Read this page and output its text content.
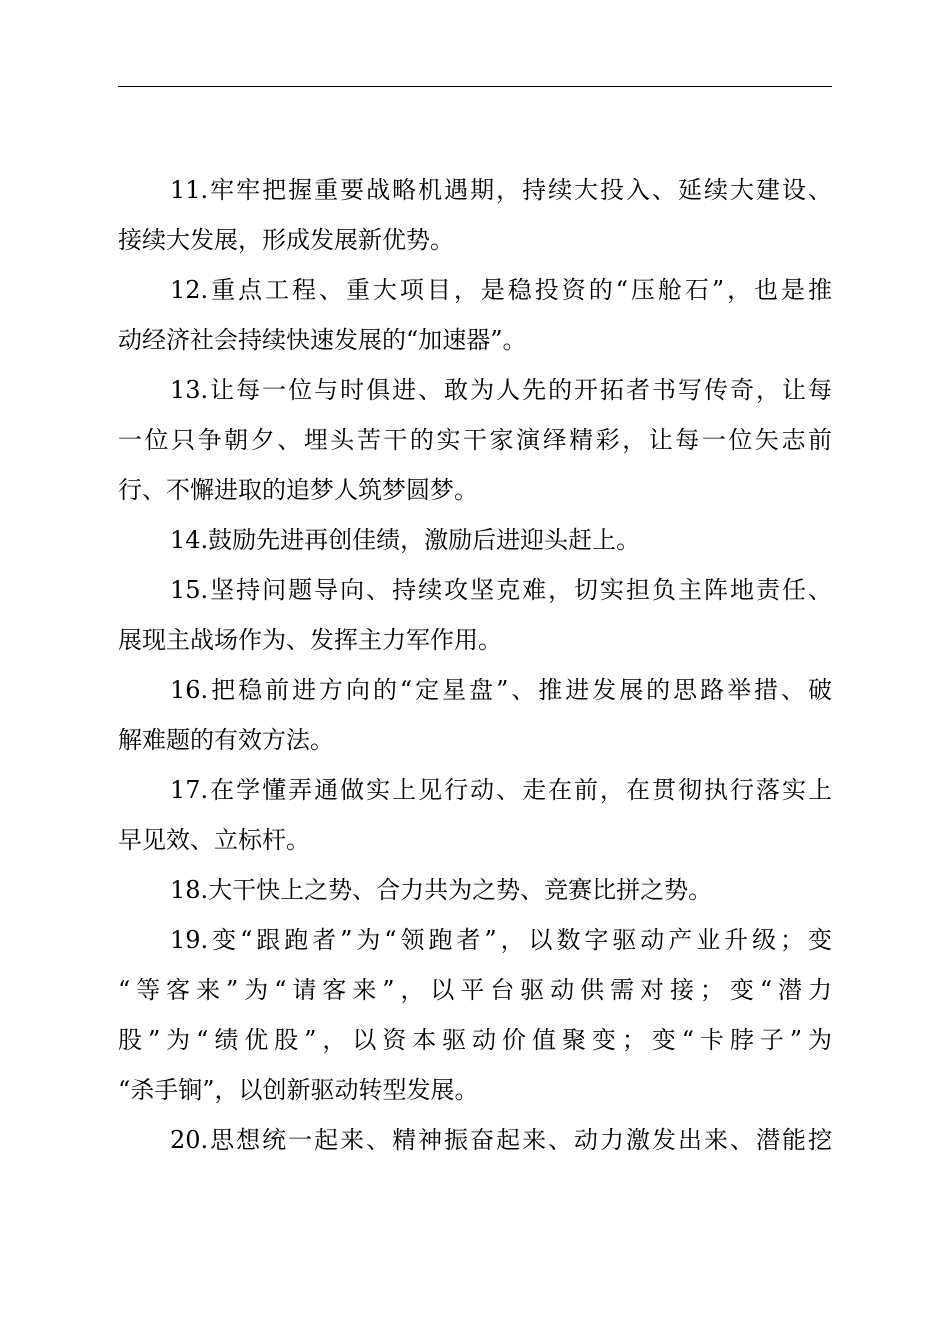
11.牢牢把握重要战略机遇期，持续大投入、延续大建设、
接续大发展，形成发展新优势。

12.重点工程、重大项目，是稳投资的“压舱石”，也是推
动经济社会持续快速发展的“加速器”。

13.让每一位与时俱进、敢为人先的开拓者书写传奇，让每
一位只争朝夕、埋头苦干的实干家演绎精彩，让每一位矢志前
行、不懈进取的追梦人筑梦圆梦。

14.鼓励先进再创佳绩，激励后进迎头赶上。

15.坚持问题导向、持续攻坚克难，切实担负主阵地责任、
展现主战场作为、发挥主力军作用。

16.把稳前进方向的“定星盘”、推进发展的思路举措、破
解难题的有效方法。

17.在学懂弄通做实上见行动、走在前，在贯彻执行落实上
早见效、立标杆。

18.大干快上之势、合力共为之势、竞赛比拼之势。

19.变“跟跑者”为“领跑者”，以数字驱动产业升级；变
“等客来”为“请客来”，以平台驱动供需对接；变“潜力
股”为“绩优股”，以资本驱动价值聚变；变“卡脖子”为
“杀手锏”，以创新驱动转型发展。

20.思想统一起来、精神振奋起来、动力激发出来、潜能挖
